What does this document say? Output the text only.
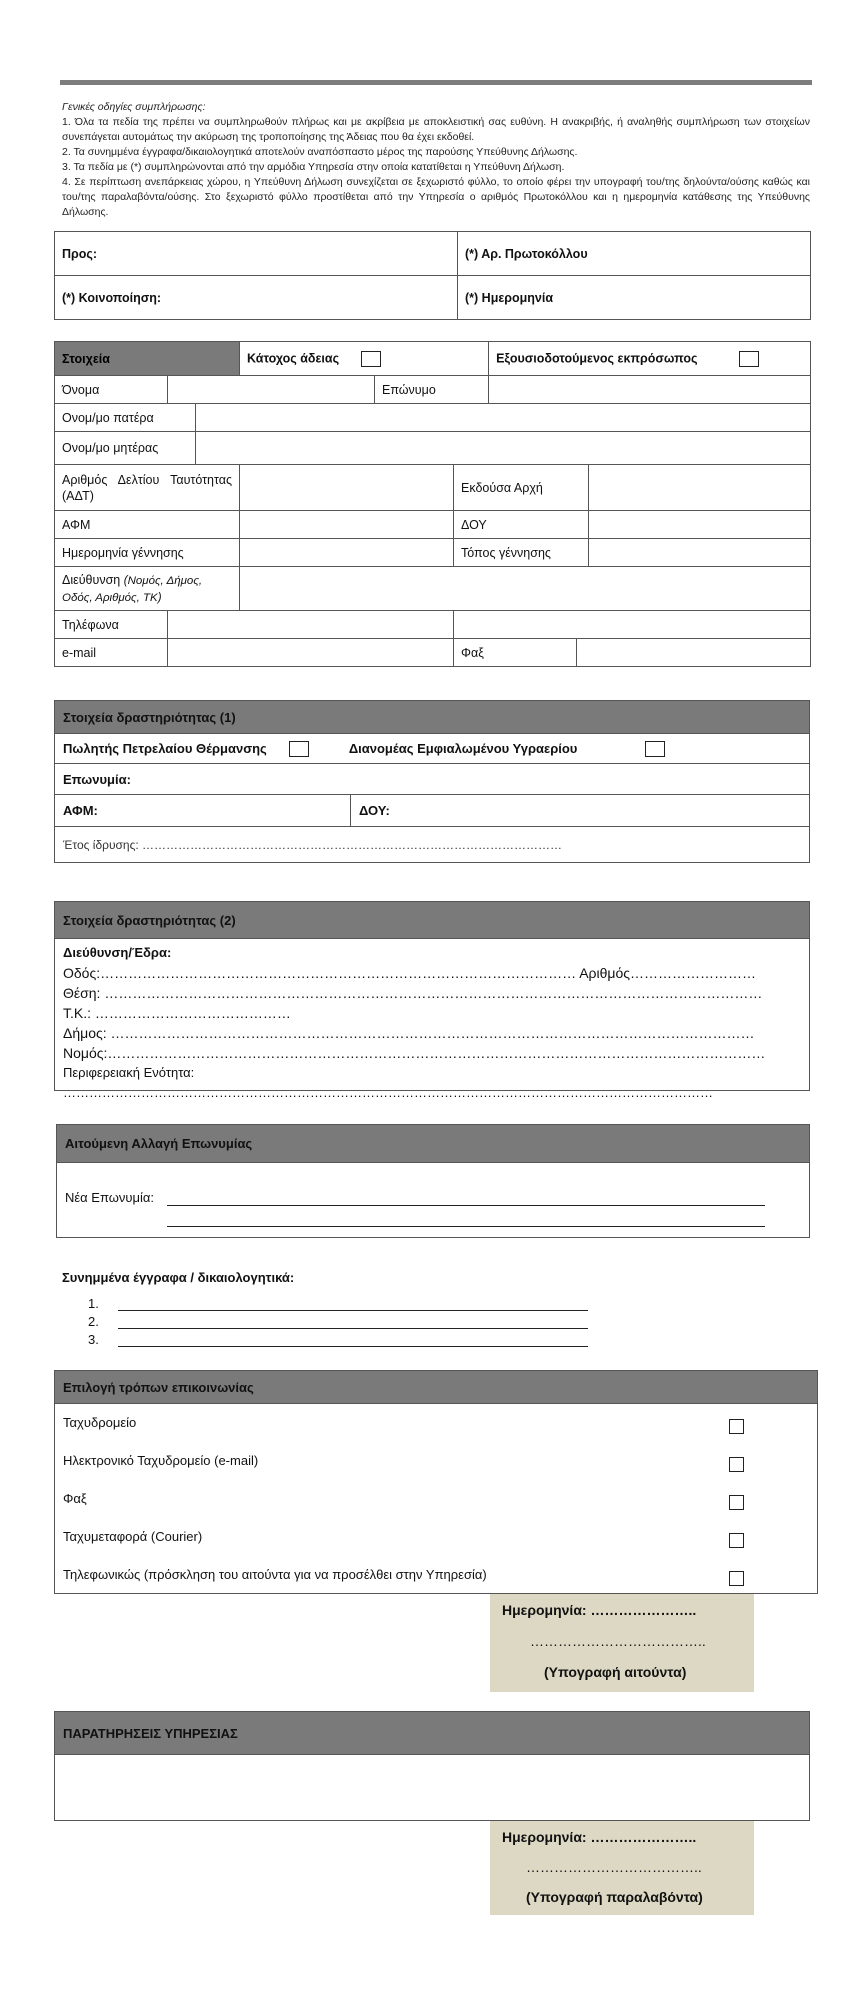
Γενικές οδηγίες συμπλήρωσης:
1. Όλα τα πεδία της πρέπει να συμπληρωθούν πλήρως και με ακρίβεια με αποκλειστική σας ευθύνη. Η ανακριβής, ή αναληθής συμπλήρωση των στοιχείων συνεπάγεται αυτομάτως την ακύρωση της τροποποίησης της Άδειας που θα έχει εκδοθεί.
2. Τα συνημμένα έγγραφα/δικαιολογητικά αποτελούν αναπόσπαστο μέρος της παρούσης Υπεύθυνης Δήλωσης.
3. Τα πεδία με (*) συμπληρώνονται από την αρμόδια Υπηρεσία στην οποία κατατίθεται η Υπεύθυνη Δήλωση.
4. Σε περίπτωση ανεπάρκειας χώρου, η Υπεύθυνη Δήλωση συνεχίζεται σε ξεχωριστό φύλλο, το οποίο φέρει την υπογραφή του/της δηλούντα/ούσης καθώς και του/της παραλαβόντα/ούσης. Στο ξεχωριστό φύλλο προστίθεται από την Υπηρεσία ο αριθμός Πρωτοκόλλου και η ημερομηνία κατάθεσης της Υπεύθυνης Δήλωσης.
Προς:	(*) Αρ. Πρωτοκόλλου
(*) Κοινοποίηση:	(*) Ημερομηνία
Στοιχεία			Κάτοχος άδειας			Εξουσιοδοτούμενος εκπρόσωπος		
Όνομα				Επώνυμο				
Ονομ/μο πατέρα								
Ονομ/μο μητέρας								
Αριθμός Δελτίου Ταυτότητας (ΑΔΤ)					Εκδούσα Αρχή			
ΑΦΜ					ΔΟΥ			
Ημερομηνία γέννησης					Τόπος γέννησης			
Διεύθυνση (Νομός, Δήμος, Οδός, Αριθμός, ΤΚ)								
Τηλέφωνα								
e-mail					Φαξ			
Στοιχεία δραστηριότητας (1)
Πωλητής Πετρελαίου Θέρμανσης	Διανομέας Εμφιαλωμένου Υγραερίου
Επωνυμία:
ΑΦΜ:	ΔΟΥ:
Έτος ίδρυσης: ……………………………………………………………………………………………
Στοιχεία δραστηριότητας (2)
Διεύθυνση/Έδρα:
Οδός:………………………………………………………………………………………… Αριθμός………………………
Θέση: ……………………………………………………………………………………………………………………………
Τ.Κ.: ……………………………………
Δήμος: …………………………………………………………………………………………………………………………
Νομός:……………………………………………………………………………………………………………………………
Περιφερειακή Ενότητα: ……………………………………………………………………………………………………………………………………
Αιτούμενη Αλλαγή Επωνυμίας
Νέα Επωνυμία:
Συνημμένα έγγραφα / δικαιολογητικά:
1.
2.
3.
Επιλογή τρόπων επικοινωνίας
Ταχυδρομείο
Ηλεκτρονικό Ταχυδρομείο (e-mail)
Φαξ
Ταχυμεταφορά (Courier)
Τηλεφωνικώς (πρόσκληση του αιτούντα για να προσέλθει στην Υπηρεσία)
Ημερομηνία: …………………..
………………………………..
(Υπογραφή αιτούντα)
ΠΑΡΑΤΗΡΗΣΕΙΣ ΥΠΗΡΕΣΙΑΣ
Ημερομηνία: …………………..
………………………………..
(Υπογραφή παραλαβόντα)
